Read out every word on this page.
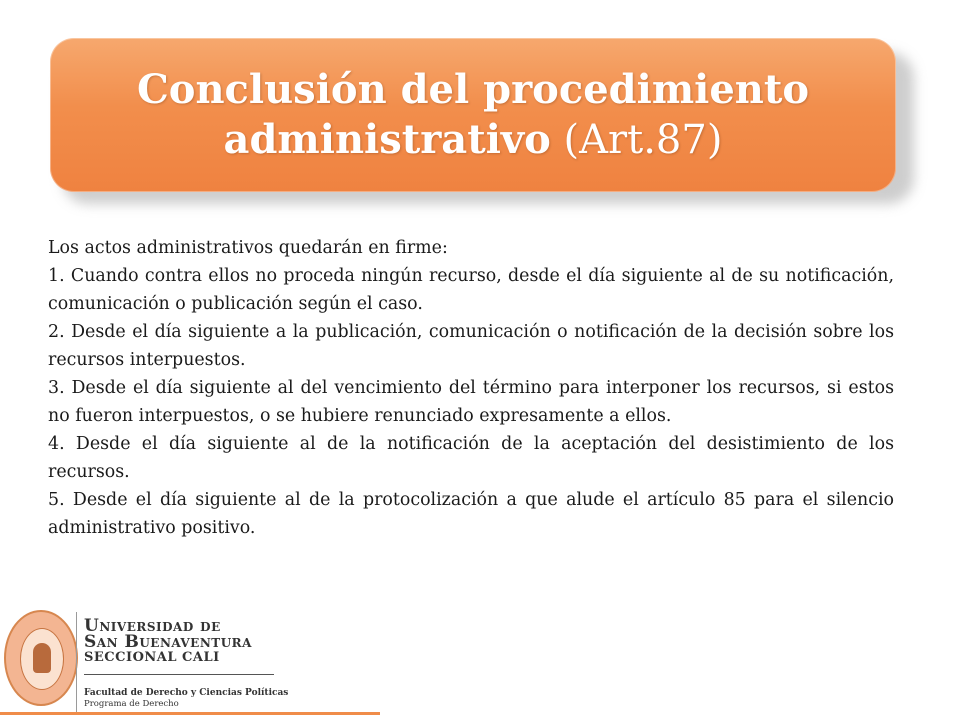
Conclusión del procedimiento

administrativo (Art.87)

Los actos administrativos quedarán en firme:

1. Cuando contra ellos no proceda ningún recurso, desde el día siguiente al de su notificación, comunicación o publicación según el caso.

2. Desde el día siguiente a la publicación, comunicación o notificación de la decisión sobre los recursos interpuestos.

3. Desde el día siguiente al del vencimiento del término para interponer los recursos, si estos no fueron interpuestos, o se hubiere renunciado expresamente a ellos.

4. Desde el día siguiente al de la notificación de la aceptación del desistimiento de los recursos.

5. Desde el día siguiente al de la protocolización a que alude el artículo 85 para el silencio administrativo positivo.

Universidad de
San Buenaventura
SECCIONAL CALI
Facultad de Derecho y Ciencias Políticas
Programa de Derecho
